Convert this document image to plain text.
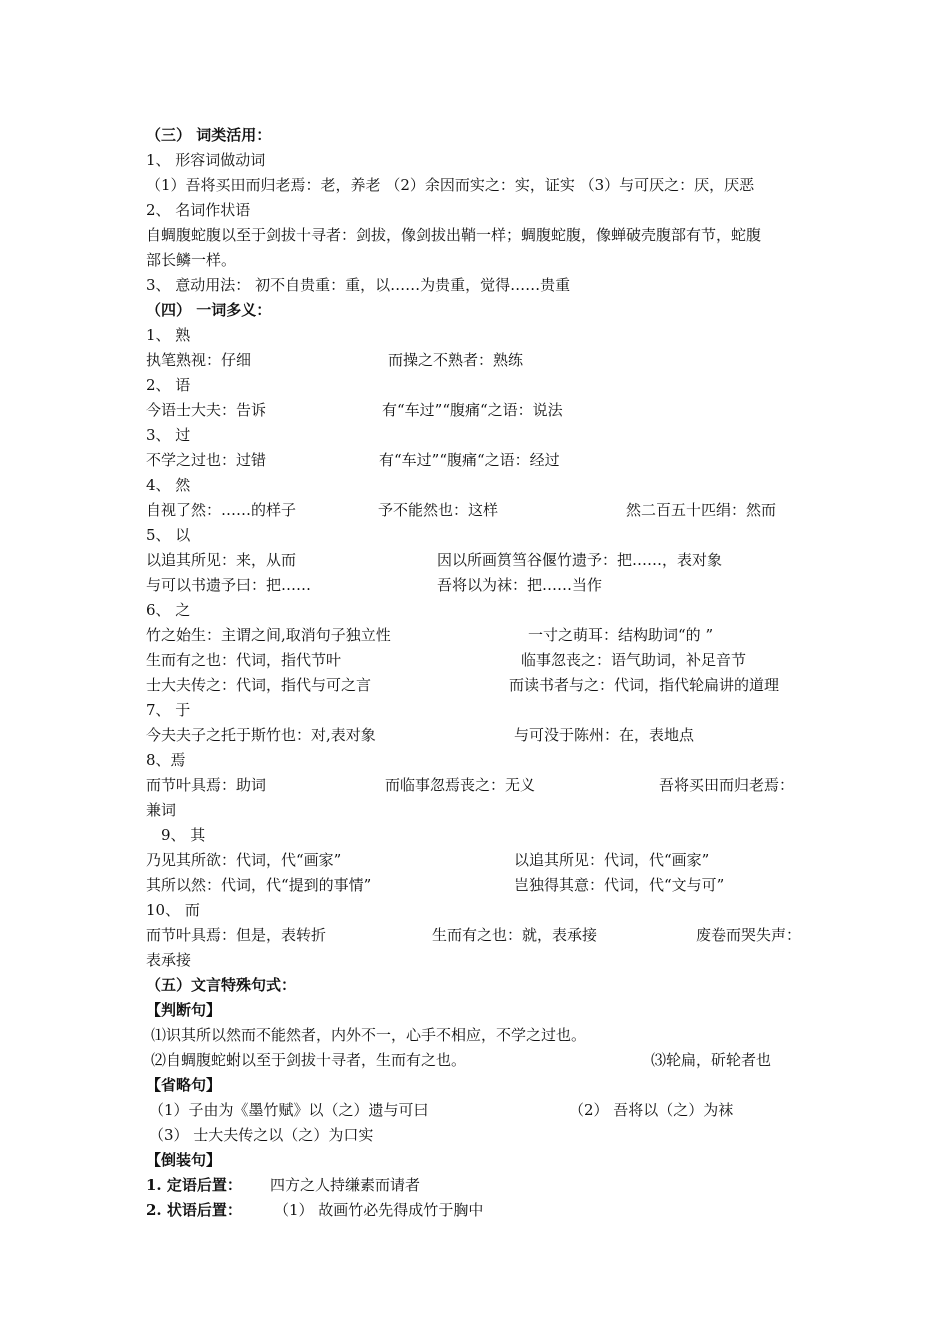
（三） 词类活用：
1、 形容词做动词
（1）吾将买田而归老焉：老，养老 （2）余因而实之：实，证实 （3）与可厌之：厌，厌恶
2、 名词作状语
自蜩腹蛇腹以至于剑拔十寻者：剑拔，像剑拔出鞘一样；蜩腹蛇腹，像蝉破壳腹部有节，蛇腹
部长鳞一样。
3、 意动用法： 初不自贵重：重，以……为贵重，觉得……贵重
（四） 一词多义：
1、 熟
执笔熟视：仔细	而操之不熟者：熟练
2、 语
今语士大夫：告诉	有“车过”“腹痛“之语：说法
3、 过
不学之过也：过错	有“车过”“腹痛“之语：经过
4、 然
自视了然：……的样子	予不能然也：这样	然二百五十匹绢：然而
5、 以
以追其所见：来，从而	因以所画筼筜谷偃竹遗予：把……，表对象
与可以书遗予曰：把……	吾将以为袜：把……当作
6、 之
竹之始生：主谓之间,取消句子独立性	一寸之萌耳：结构助词“的 ”
生而有之也：代词，指代节叶	临事忽丧之：语气助词，补足音节
士大夫传之：代词，指代与可之言	而读书者与之：代词，指代轮扁讲的道理
7、 于
今夫夫子之托于斯竹也：对,表对象	与可没于陈州：在，表地点
8、焉
而节叶具焉：助词	而临事忽焉丧之：无义	吾将买田而归老焉：
兼词
9、 其
乃见其所欲：代词，代“画家”	以追其所见：代词，代“画家”
其所以然：代词，代“提到的事情”	岂独得其意：代词，代“文与可”
10、 而
而节叶具焉：但是，表转折	生而有之也：就，表承接	废卷而哭失声：
表承接
（五）文言特殊句式：
【判断句】
⑴识其所以然而不能然者，内外不一，心手不相应，不学之过也。
⑵自蜩腹蛇蚹以至于剑拔十寻者，生而有之也。	⑶轮扁，斫轮者也
【省略句】
（1）子由为《墨竹赋》以（之）遗与可曰	（2） 吾将以（之）为袜
（3） 士大夫传之以（之）为口实
【倒装句】
1. 定语后置： 四方之人持缣素而请者
2. 状语后置： （1） 故画竹必先得成竹于胸中
